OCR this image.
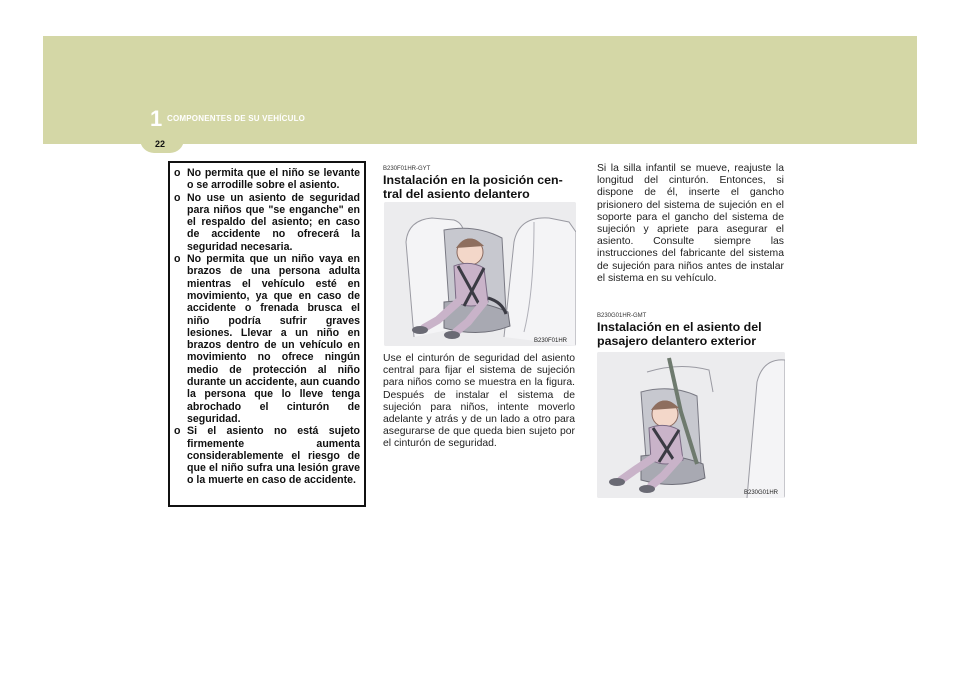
1 COMPONENTES DE SU VEHÍCULO
22
o No permita que el niño se levante o se arrodille sobre el asiento.
o No use un asiento de seguridad para niños que "se enganche" en el respaldo del asiento; en caso de accidente no ofrecerá la seguridad necesaria.
o No permita que un niño vaya en brazos de una persona adulta mientras el vehículo esté en movimiento, ya que en caso de accidente o frenada brusca el niño podría sufrir graves lesiones. Llevar a un niño en brazos dentro de un vehículo en movimiento no ofrece ningún medio de protección al niño durante un accidente, aun cuando la persona que lo lleve tenga abrochado el cinturón de seguridad.
o Si el asiento no está sujeto firmemente aumenta considerablemente el riesgo de que el niño sufra una lesión grave o la muerte en caso de accidente.
B230F01HR-GYT
Instalación en la posición cen-tral del asiento delantero
B230F01HR
Use el cinturón de seguridad del asiento central para fijar el sistema de sujeción para niños como se muestra en la figura. Después de instalar el sistema de sujeción para niños, intente moverlo adelante y atrás y de un lado a otro para asegurarse de que queda bien sujeto por el cinturón de seguridad.
Si la silla infantil se mueve, reajuste la longitud del cinturón. Entonces, si dispone de él, inserte el gancho prisionero del sistema de sujeción en el soporte para el gancho del sistema de sujeción y apriete para asegurar el asiento. Consulte siempre las instrucciones del fabricante del sistema de sujeción para niños antes de instalar el sistema en su vehículo.
B230G01HR-GMT
Instalación en el asiento del pasajero delantero exterior
B230G01HR
